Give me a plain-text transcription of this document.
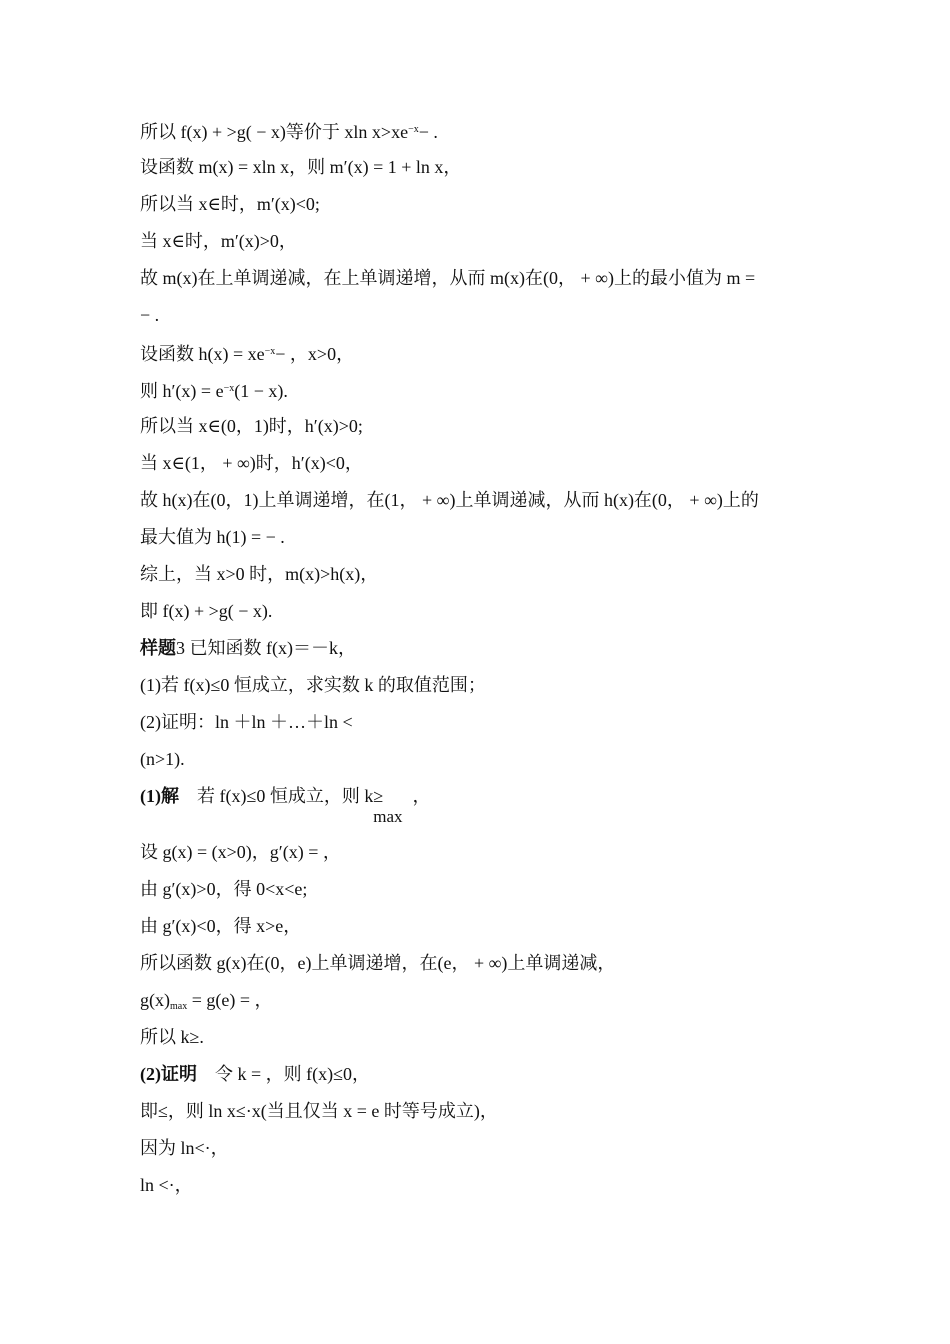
所以 f(x) + >g( − x)等价于 xln $x>xe^{-x}-$ .
设函数 m(x) = xln x，则 m′(x) = 1 + ln x，
所以当 x∈时，m′(x)<0;
当 x∈时，m′(x)>0，
故 m(x)在上单调递减，在上单调递增，从而 m(x)在(0， + ∞)上的最小值为 m =
− .
设函数 $h(x) = xe^{-x}-$ ，x>0，
则 $h'(x) = e^{-x}(1 - x)$.
所以当 x∈(0，1)时，h′(x)>0;
当 x∈(1， + ∞)时，h′(x)<0，
故 h(x)在(0，1)上单调递增，在(1， + ∞)上单调递减，从而 h(x)在(0， + ∞)上的
最大值为 h(1) = − .
综上，当 x>0 时，m(x)>h(x)，
即 f(x) + >g( − x).
样题3 已知函数 f(x)＝－k，
(1)若 f(x)≤0 恒成立，求实数 k 的取值范围；
(2)证明：ln ＋ln ＋…＋ln <
(n>1).
(1)解 若 f(x)≤0 恒成立，则 k≥max，
设 g(x) = (x>0)，g′(x) = ，
由 g′(x)>0，得 0<x<e;
由 g′(x)<0，得 x>e，
所以函数 g(x)在(0，e)上单调递增，在(e， + ∞)上单调递减，
g(x)max = g(e) = ，
所以 k≥.
(2)证明 令 k = ，则 f(x)≤0，
即≤，则 ln x≤·x(当且仅当 x = e 时等号成立)，
因为 ln<·，
ln <·，
